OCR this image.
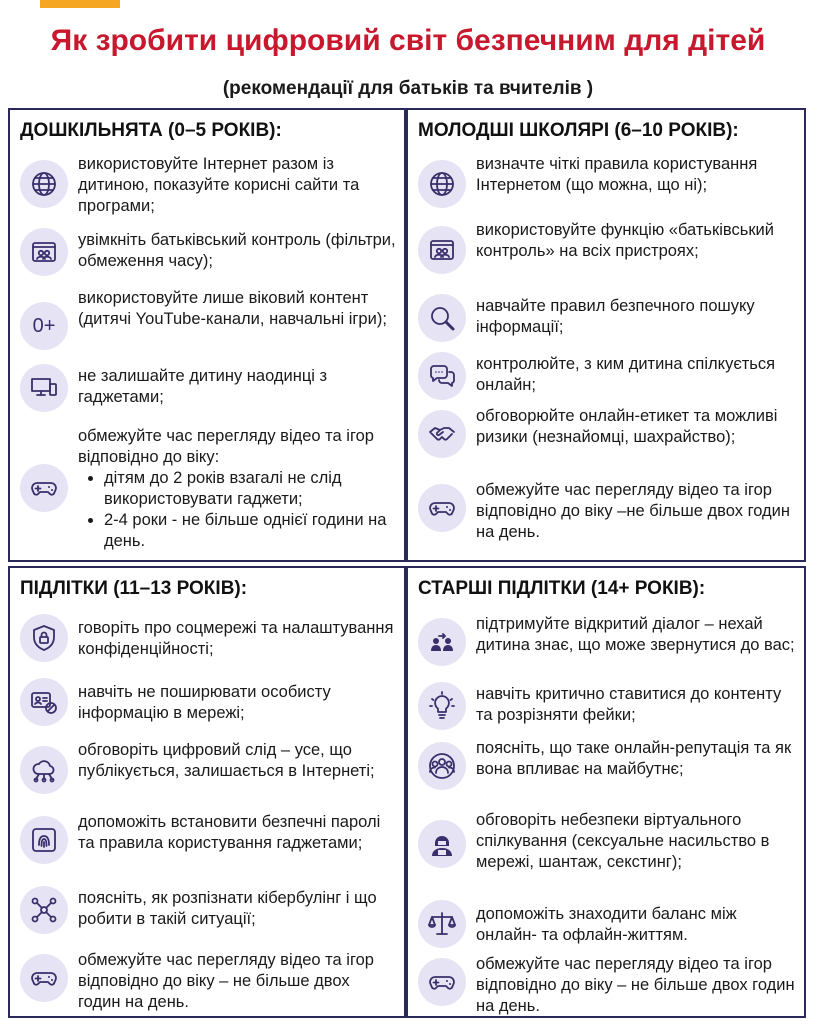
Як зробити цифровий світ безпечним для дітей
(рекомендації для батьків та вчителів )
ДОШКІЛЬНЯТА (0–5 РОКІВ):
використовуйте Інтернет разом із дитиною, показуйте корисні сайти та програми;
увімкніть батьківський контроль (фільтри, обмеження часу);
0+
використовуйте лише віковий контент (дитячі YouTube-канали, навчальні ігри);
не залишайте дитину наодинці з гаджетами;
обмежуйте час перегляду відео та ігор відповідно до віку:
• дітям до 2 років взагалі не слід використовувати гаджети;
• 2-4 роки - не більше однієї години на день.
МОЛОДШІ ШКОЛЯРІ (6–10 РОКІВ):
визначте чіткі правила користування Інтернетом (що можна, що ні);
використовуйте функцію «батьківський контроль» на всіх пристроях;
навчайте правил безпечного пошуку інформації;
контролюйте, з ким дитина спілкується онлайн;
обговорюйте онлайн-етикет та можливі ризики (незнайомці, шахрайство);
обмежуйте час перегляду відео та ігор відповідно до віку –не більше двох годин на день.
ПІДЛІТКИ (11–13 РОКІВ):
говоріть про соцмережі та налаштування конфіденційності;
навчіть не поширювати особисту інформацію в мережі;
обговоріть цифровий слід – усе, що публікується, залишається в Інтернеті;
допоможіть встановити безпечні паролі та правила користування гаджетами;
поясніть, як розпізнати кібербулінг і що робити в такій ситуації;
обмежуйте час перегляду відео та ігор відповідно до віку – не більше двох годин на день.
СТАРШІ ПІДЛІТКИ (14+ РОКІВ):
підтримуйте відкритий діалог – нехай дитина знає, що може звернутися до вас;
навчіть критично ставитися до контенту та розрізняти фейки;
поясніть, що таке онлайн-репутація та як вона впливає на майбутнє;
обговоріть небезпеки віртуального спілкування (сексуальне насильство в мережі, шантаж, секстинг);
допоможіть знаходити баланс між онлайн- та офлайн-життям.
обмежуйте час перегляду відео та ігор відповідно до віку – не більше двох годин на день.
